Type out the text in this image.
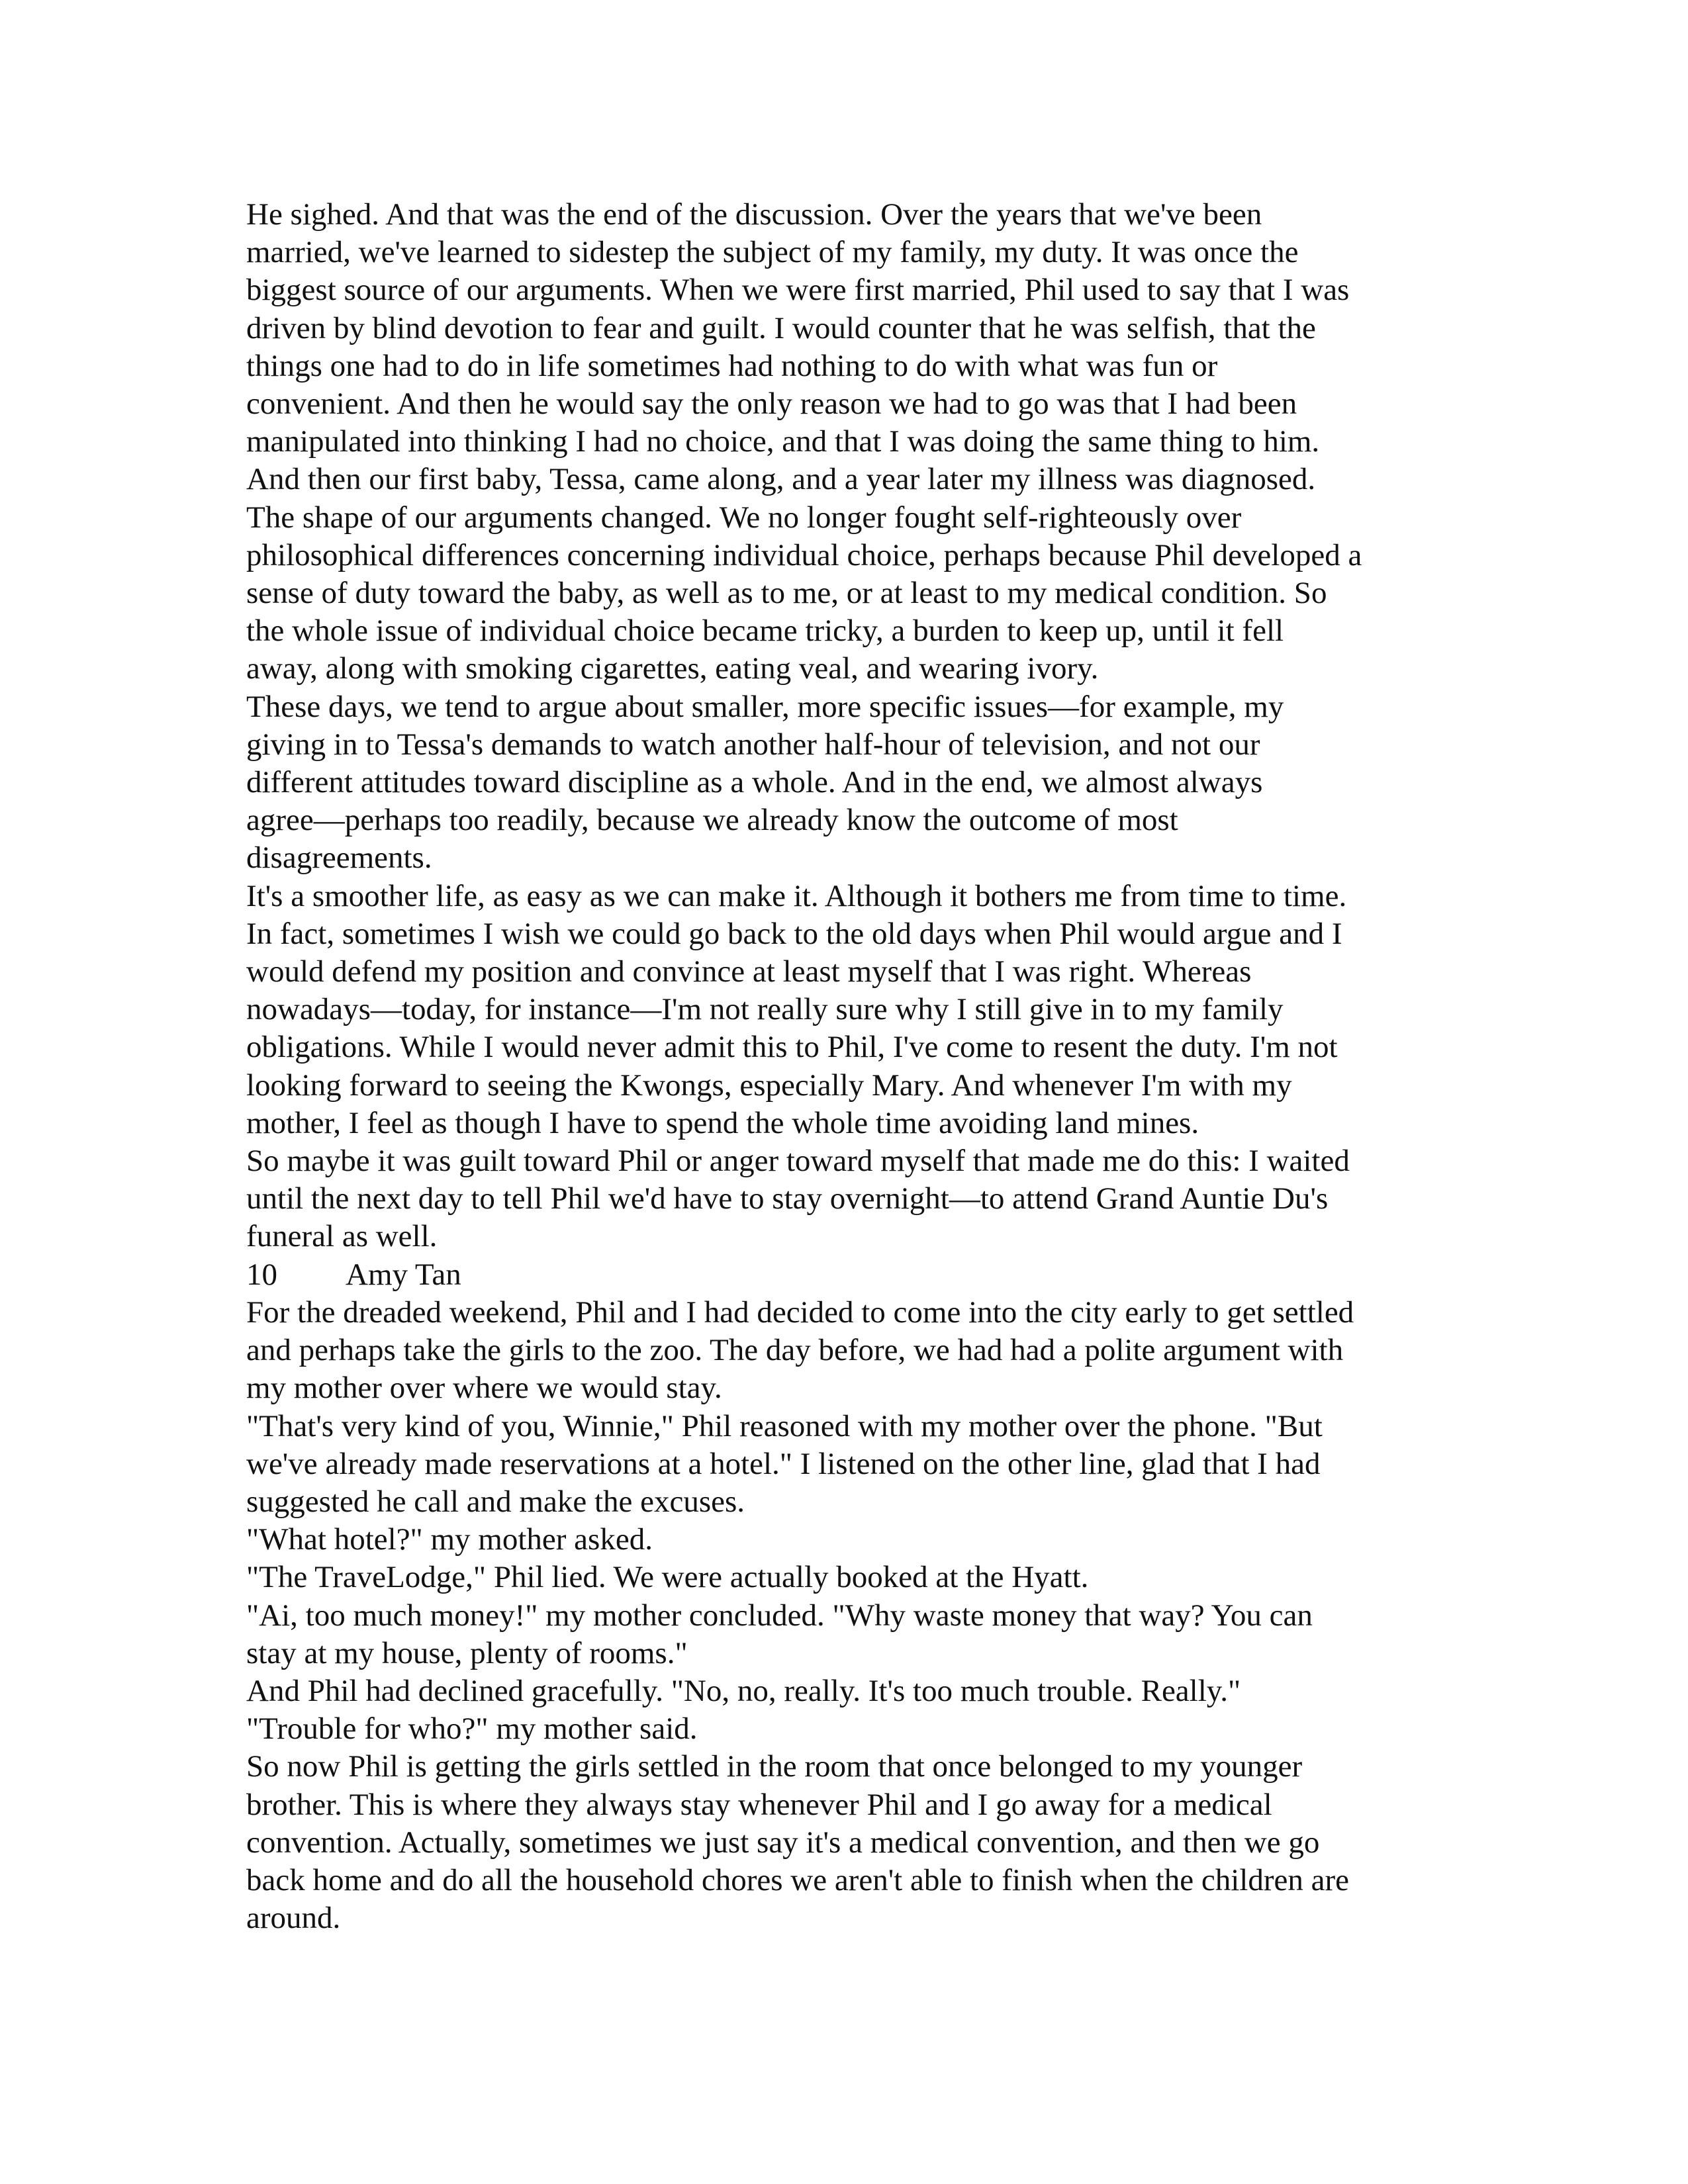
He sighed. And that was the end of the discussion. Over the years that we've been
married, we've learned to sidestep the subject of my family, my duty. It was once the
biggest source of our arguments. When we were first married, Phil used to say that I was
driven by blind devotion to fear and guilt. I would counter that he was selfish, that the
things one had to do in life sometimes had nothing to do with what was fun or
convenient. And then he would say the only reason we had to go was that I had been
manipulated into thinking I had no choice, and that I was doing the same thing to him.
And then our first baby, Tessa, came along, and a year later my illness was diagnosed.
The shape of our arguments changed. We no longer fought self-righteously over
philosophical differences concerning individual choice, perhaps because Phil developed a
sense of duty toward the baby, as well as to me, or at least to my medical condition. So
the whole issue of individual choice became tricky, a burden to keep up, until it fell
away, along with smoking cigarettes, eating veal, and wearing ivory.

These days, we tend to argue about smaller, more specific issues—for example, my
giving in to Tessa's demands to watch another half-hour of television, and not our
different attitudes toward discipline as a whole. And in the end, we almost always
agree—perhaps too readily, because we already know the outcome of most
disagreements.

It's a smoother life, as easy as we can make it. Although it bothers me from time to time.
In fact, sometimes I wish we could go back to the old days when Phil would argue and I
would defend my position and convince at least myself that I was right. Whereas
nowadays—today, for instance—I'm not really sure why I still give in to my family
obligations. While I would never admit this to Phil, I've come to resent the duty. I'm not
looking forward to seeing the Kwongs, especially Mary. And whenever I'm with my
mother, I feel as though I have to spend the whole time avoiding land mines.

So maybe it was guilt toward Phil or anger toward myself that made me do this: I waited
until the next day to tell Phil we'd have to stay overnight—to attend Grand Auntie Du's
funeral as well.

10 Amy Tan

For the dreaded weekend, Phil and I had decided to come into the city early to get settled
and perhaps take the girls to the zoo. The day before, we had had a polite argument with
my mother over where we would stay.

"That's very kind of you, Winnie," Phil reasoned with my mother over the phone. "But
we've already made reservations at a hotel." I listened on the other line, glad that I had
suggested he call and make the excuses.

"What hotel?" my mother asked.

"The TraveLodge," Phil lied. We were actually booked at the Hyatt.

"Ai, too much money!" my mother concluded. "Why waste money that way? You can
stay at my house, plenty of rooms."

And Phil had declined gracefully. "No, no, really. It's too much trouble. Really."

"Trouble for who?" my mother said.

So now Phil is getting the girls settled in the room that once belonged to my younger
brother. This is where they always stay whenever Phil and I go away for a medical
convention. Actually, sometimes we just say it's a medical convention, and then we go
back home and do all the household chores we aren't able to finish when the children are
around.
